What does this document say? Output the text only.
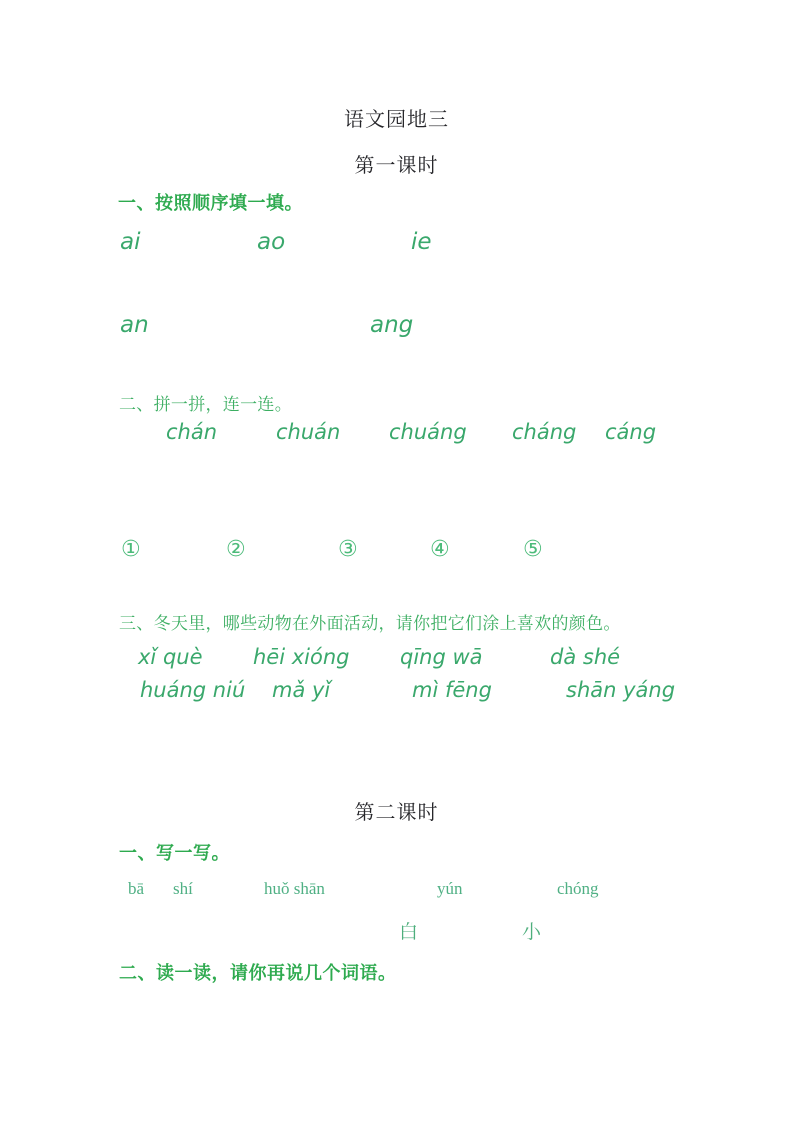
语文园地三
第一课时
一、按照顺序填一填。
ai	ao	ie
an	ang
二、拼一拼，连一连。
chán	chuán chuáng cháng cáng
①	②	③	④	⑤
三、冬天里，哪些动物在外面活动，请你把它们涂上喜欢的颜色。
xǐ què hēi xióng qīng wā	dà shé
huáng niú mǎ yǐ	mì fēng	shān yáng
第二课时
一、写一写。
bā shí	huǒ shān	yún	chóng
白	小
二、读一读，请你再说几个词语。
